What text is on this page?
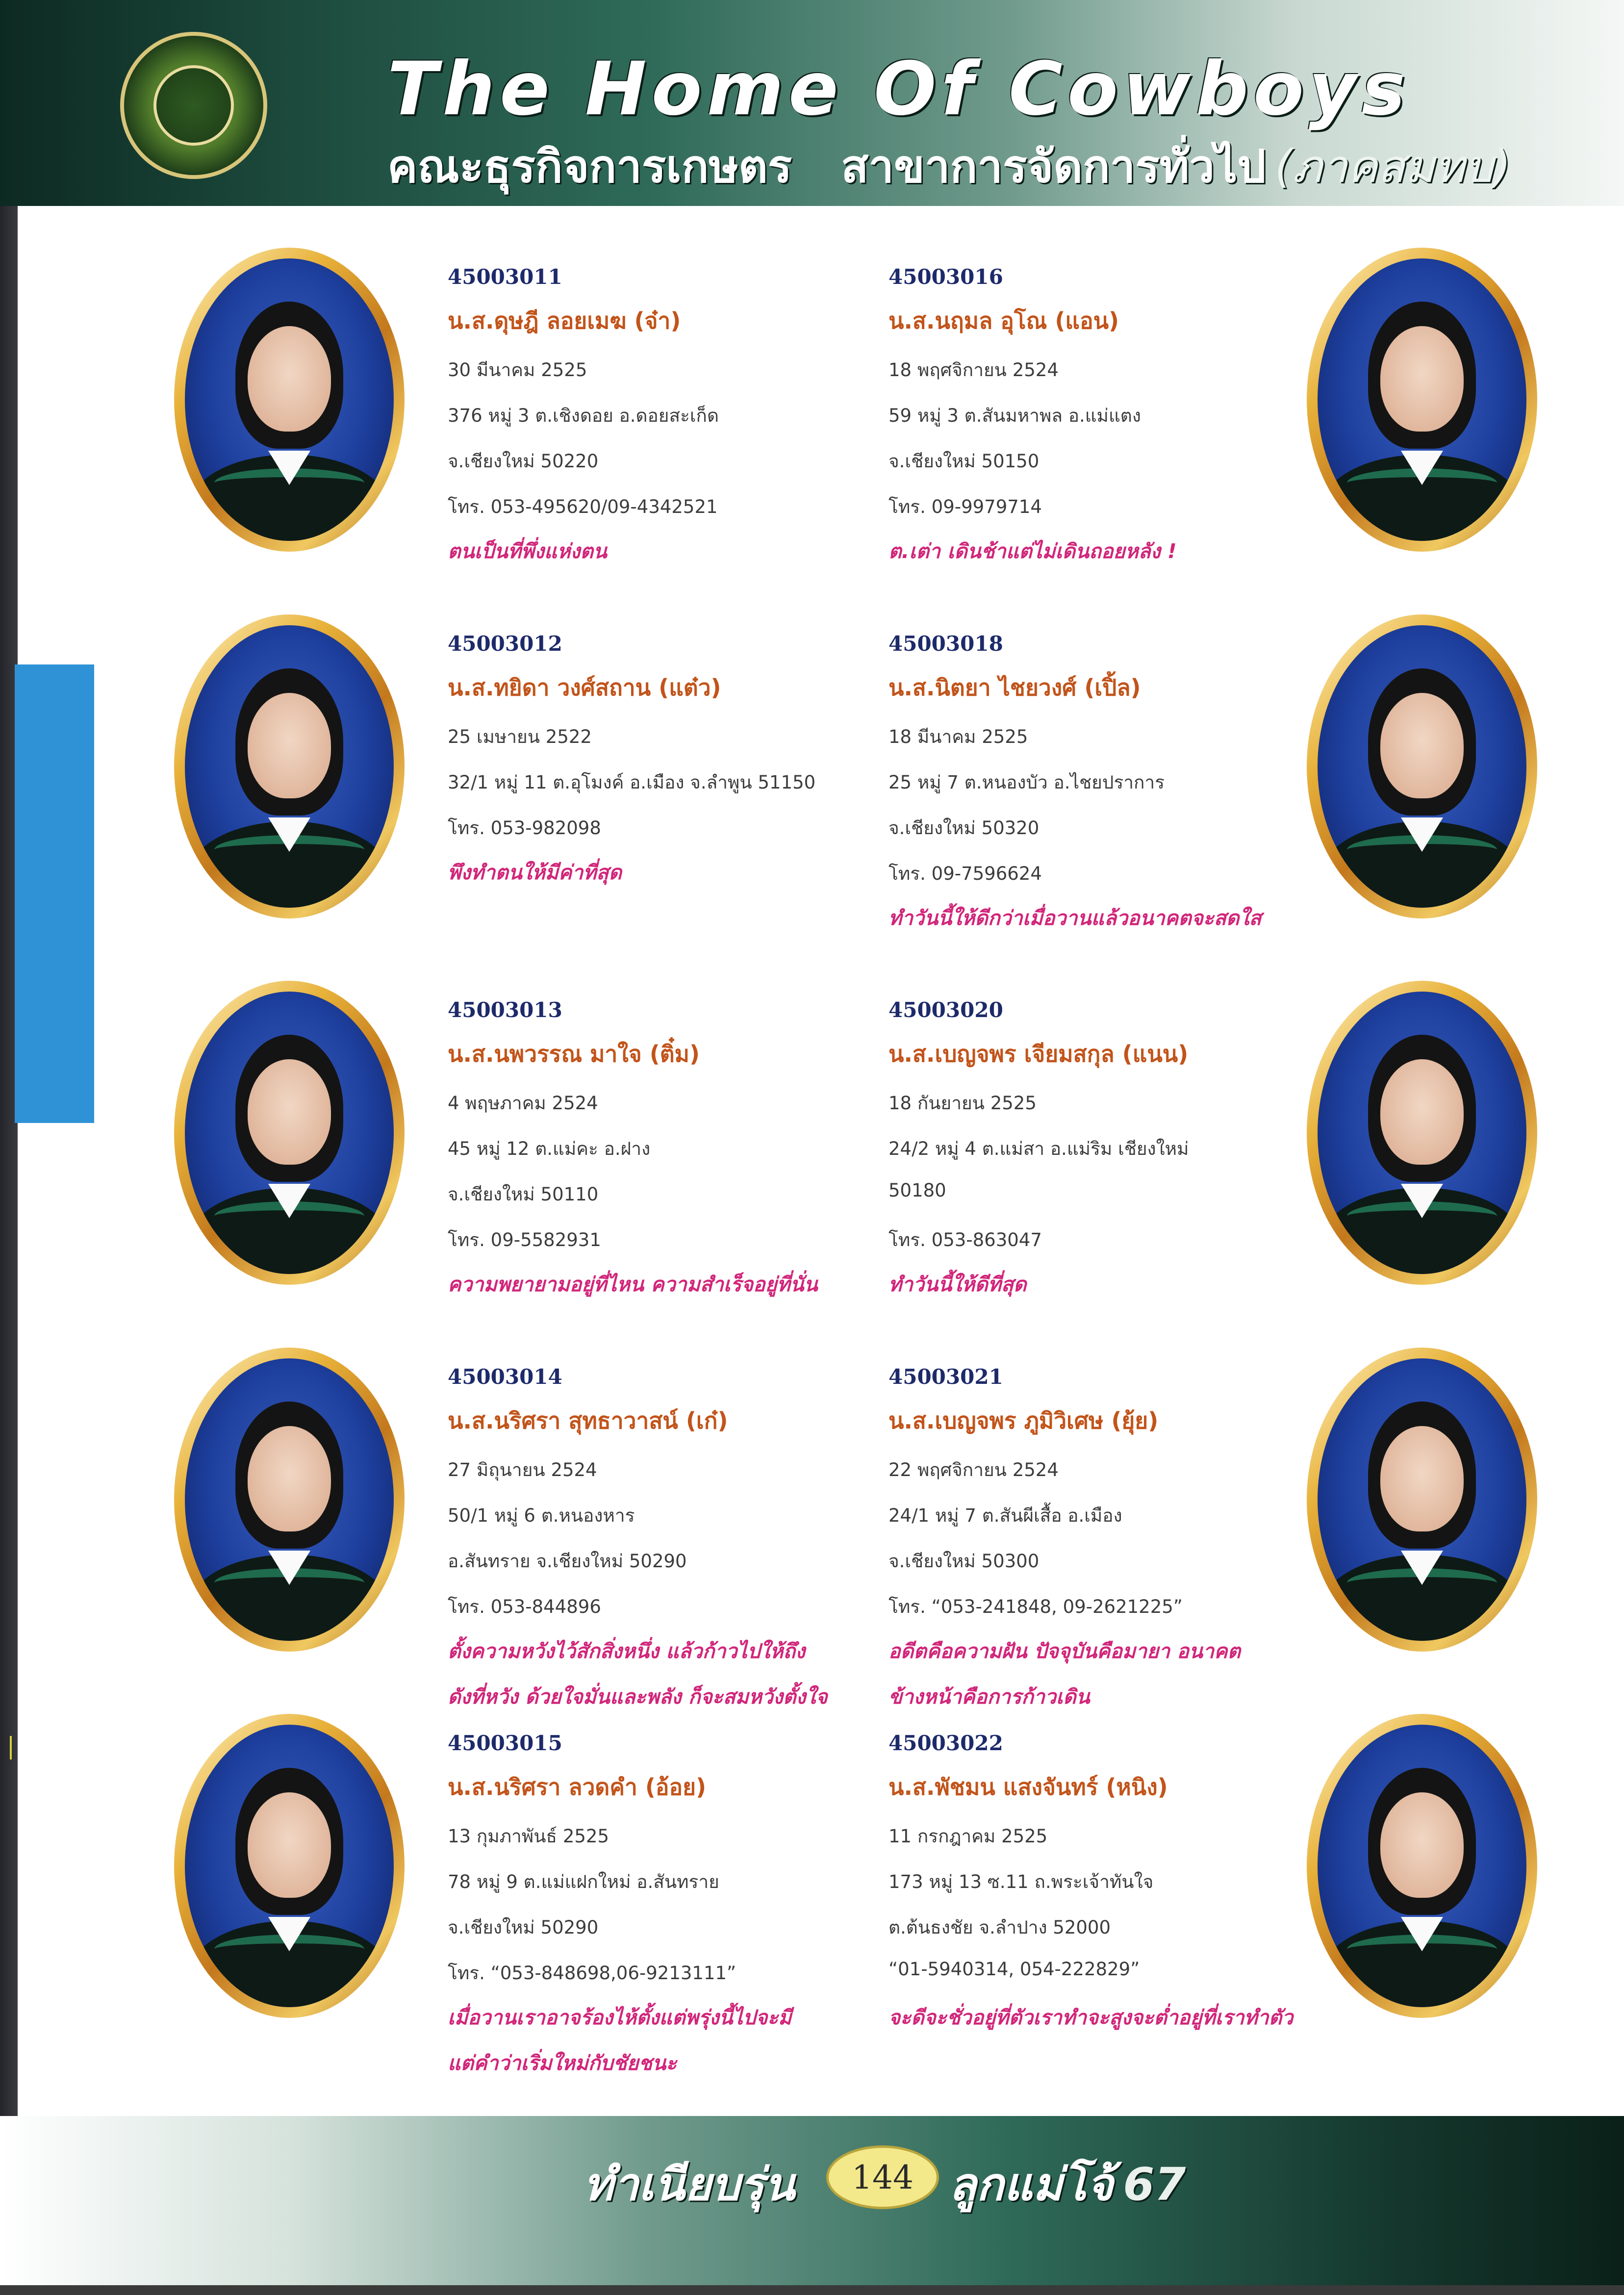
The Home Of Cowboys
คณะธุรกิจการเกษตร สาขาการจัดการทั่วไป (ภาคสมทบ)
45003011
น.ส.ดุษฎี ลอยเมฆ (จ๋า)
30 มีนาคม 2525
376 หมู่ 3 ต.เชิงดอย อ.ดอยสะเก็ด
จ.เชียงใหม่ 50220
โทร. 053-495620/09-4342521
ตนเป็นที่พึ่งแห่งตน
45003012
น.ส.ทยิดา วงศ์สถาน (แต๋ว)
25 เมษายน 2522
32/1 หมู่ 11 ต.อุโมงค์ อ.เมือง จ.ลำพูน 51150
โทร. 053-982098
พึงทำตนให้มีค่าที่สุด
45003013
น.ส.นพวรรณ มาใจ (ติ๋ม)
4 พฤษภาคม 2524
45 หมู่ 12 ต.แม่คะ อ.ฝาง
จ.เชียงใหม่ 50110
โทร. 09-5582931
ความพยายามอยู่ที่ไหน ความสำเร็จอยู่ที่นั่น
45003014
น.ส.นริศรา สุทธาวาสน์ (เก๋)
27 มิถุนายน 2524
50/1 หมู่ 6 ต.หนองหาร
อ.สันทราย จ.เชียงใหม่ 50290
โทร. 053-844896
ตั้งความหวังไว้สักสิ่งหนึ่ง แล้วก้าวไปให้ถึง
ดังที่หวัง ด้วยใจมั่นและพลัง ก็จะสมหวังตั้งใจ
45003015
น.ส.นริศรา ลวดคำ (อ้อย)
13 กุมภาพันธ์ 2525
78 หมู่ 9 ต.แม่แฝกใหม่ อ.สันทราย
จ.เชียงใหม่ 50290
โทร. “053-848698,06-9213111”
เมื่อวานเราอาจร้องไห้ตั้งแต่พรุ่งนี้ไปจะมี
แต่คำว่าเริ่มใหม่กับชัยชนะ
45003016
น.ส.นฤมล อุโณ (แอน)
18 พฤศจิกายน 2524
59 หมู่ 3 ต.สันมหาพล อ.แม่แตง
จ.เชียงใหม่ 50150
โทร. 09-9979714
ต.เต่า เดินช้าแต่ไม่เดินถอยหลัง !
45003018
น.ส.นิตยา ไชยวงศ์ (เปิ้ล)
18 มีนาคม 2525
25 หมู่ 7 ต.หนองบัว อ.ไชยปราการ
จ.เชียงใหม่ 50320
โทร. 09-7596624
ทำวันนี้ให้ดีกว่าเมื่อวานแล้วอนาคตจะสดใส
45003020
น.ส.เบญจพร เจียมสกุล (แนน)
18 กันยายน 2525
24/2 หมู่ 4 ต.แม่สา อ.แม่ริม เชียงใหม่
50180
โทร. 053-863047
ทำวันนี้ให้ดีที่สุด
45003021
น.ส.เบญจพร ภูมิวิเศษ (ยุ้ย)
22 พฤศจิกายน 2524
24/1 หมู่ 7 ต.สันผีเสื้อ อ.เมือง
จ.เชียงใหม่ 50300
โทร. “053-241848, 09-2621225”
อดีตคือความฝัน ปัจจุบันคือมายา อนาคต
ข้างหน้าคือการก้าวเดิน
45003022
น.ส.พัชมน แสงจันทร์ (หนิง)
11 กรกฎาคม 2525
173 หมู่ 13 ซ.11 ถ.พระเจ้าทันใจ
ต.ต้นธงชัย จ.ลำปาง 52000
“01-5940314, 054-222829”
จะดีจะชั่วอยู่ที่ตัวเราทำจะสูงจะต่ำอยู่ที่เราทำตัว
ทำเนียบรุ่น	144 ลูกแม่โจ้ 67
